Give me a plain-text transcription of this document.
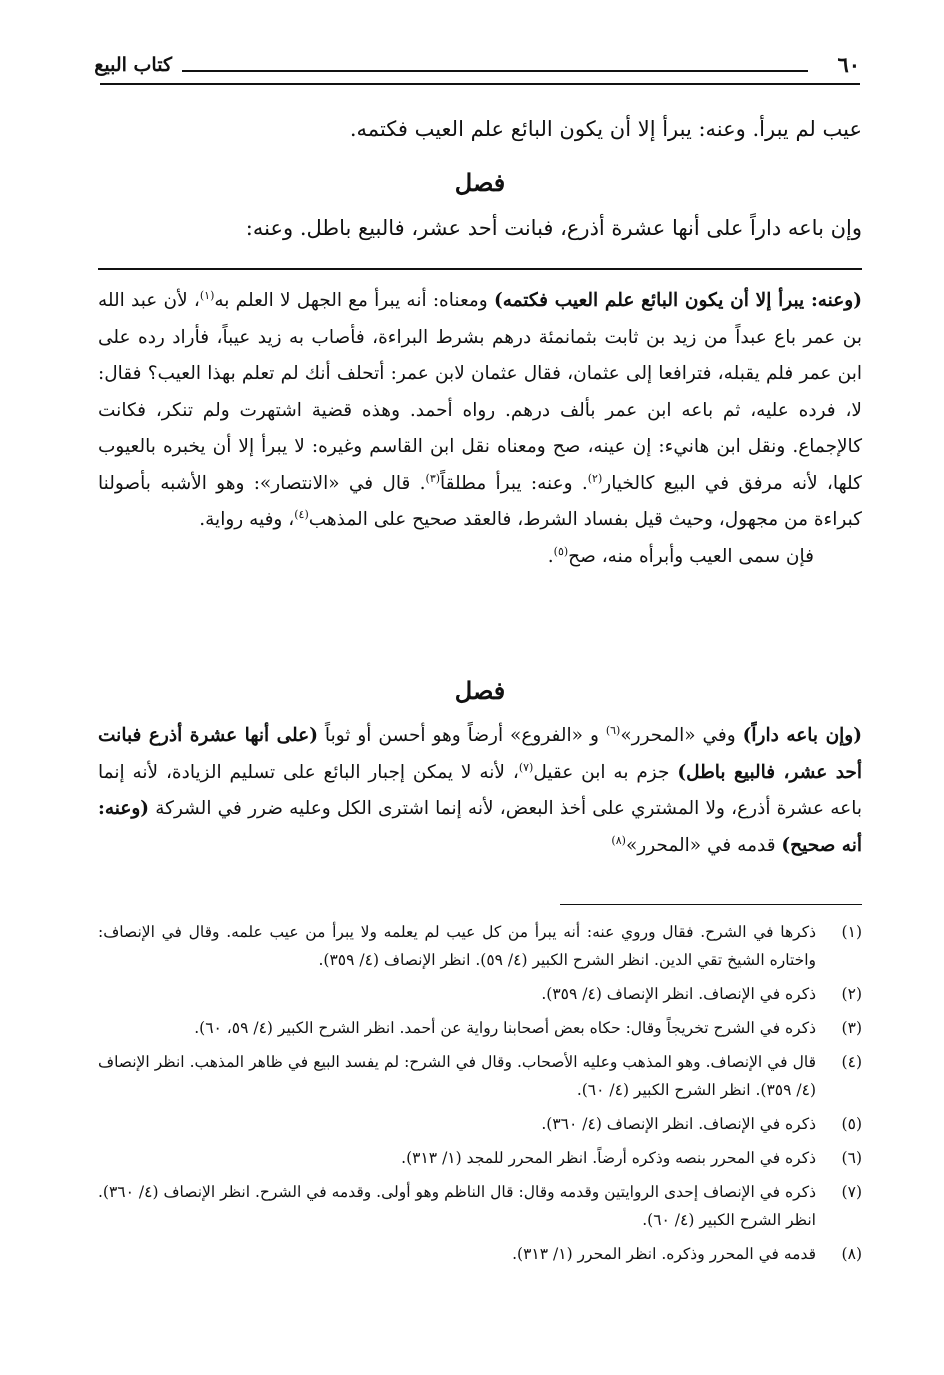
كتاب البيع	٦٠
عيب لم يبرأ. وعنه: يبرأ إلا أن يكون البائع علم العيب فكتمه.
فصل
وإن باعه داراً على أنها عشرة أذرع، فبانت أحد عشر، فالبيع باطل. وعنه:

(وعنه: يبرأ إلا أن يكون البائع علم العيب فكتمه) ومعناه: أنه يبرأ مع الجهل لا العلم به$^{(١)}$، لأن عبد الله بن عمر باع عبداً من زيد بن ثابت بثمانمئة درهم بشرط البراءة، فأصاب به زيد عيباً، فأراد رده على ابن عمر فلم يقبله، فترافعا إلى عثمان، فقال عثمان لابن عمر: أتحلف أنك لم تعلم بهذا العيب؟ فقال: لا، فرده عليه، ثم باعه ابن عمر بألف درهم. رواه أحمد. وهذه قضية اشتهرت ولم تنكر، فكانت كالإجماع. ونقل ابن هانيء: إن عينه، صح ومعناه نقل ابن القاسم وغيره: لا يبرأ إلا أن يخبره بالعيوب كلها، لأنه مرفق في البيع كالخيار$^{(٢)}$. وعنه: يبرأ مطلقاً$^{(٣)}$. قال في «الانتصار»: وهو الأشبه بأصولنا كبراءة من مجهول، وحيث قيل بفساد الشرط، فالعقد صحيح على المذهب$^{(٤)}$، وفيه رواية.

فإن سمى العيب وأبرأه منه، صح$^{(٥)}$.

فصل

(وإن باعه داراً) وفي «المحرر»$^{(٦)}$ و «الفروع» أرضاً وهو أحسن أو ثوباً (على أنها عشرة أذرع فبانت أحد عشر، فالبيع باطل) جزم به ابن عقيل$^{(٧)}$، لأنه لا يمكن إجبار البائع على تسليم الزيادة، لأنه إنما باعه عشرة أذرع، ولا المشتري على أخذ البعض، لأنه إنما اشترى الكل وعليه ضرر في الشركة (وعنه: أنه صحيح) قدمه في «المحرر»$^{(٨)}$

(١)
ذكرها في الشرح. فقال وروي عنه: أنه يبرأ من كل عيب لم يعلمه ولا يبرأ من عيب علمه. وقال في الإنصاف: واختاره الشيخ تقي الدين. انظر الشرح الكبير (٤/ ٥٩). انظر الإنصاف (٤/ ٣٥٩).
(٢)
ذكره في الإنصاف. انظر الإنصاف (٤/ ٣٥٩).
(٣)
ذكره في الشرح تخريجاً وقال: حكاه بعض أصحابنا رواية عن أحمد. انظر الشرح الكبير (٤/ ٥٩، ٦٠).
(٤)
قال في الإنصاف. وهو المذهب وعليه الأصحاب. وقال في الشرح: لم يفسد البيع في ظاهر المذهب. انظر الإنصاف (٤/ ٣٥٩). انظر الشرح الكبير (٤/ ٦٠).
(٥)
ذكره في الإنصاف. انظر الإنصاف (٤/ ٣٦٠).
(٦)
ذكره في المحرر بنصه وذكره أرضاً. انظر المحرر للمجد (١/ ٣١٣).
(٧)
ذكره في الإنصاف إحدى الروايتين وقدمه وقال: قال الناظم وهو أولى. وقدمه في الشرح. انظر الإنصاف (٤/ ٣٦٠). انظر الشرح الكبير (٤/ ٦٠).
(٨)
قدمه في المحرر وذكره. انظر المحرر (١/ ٣١٣).
